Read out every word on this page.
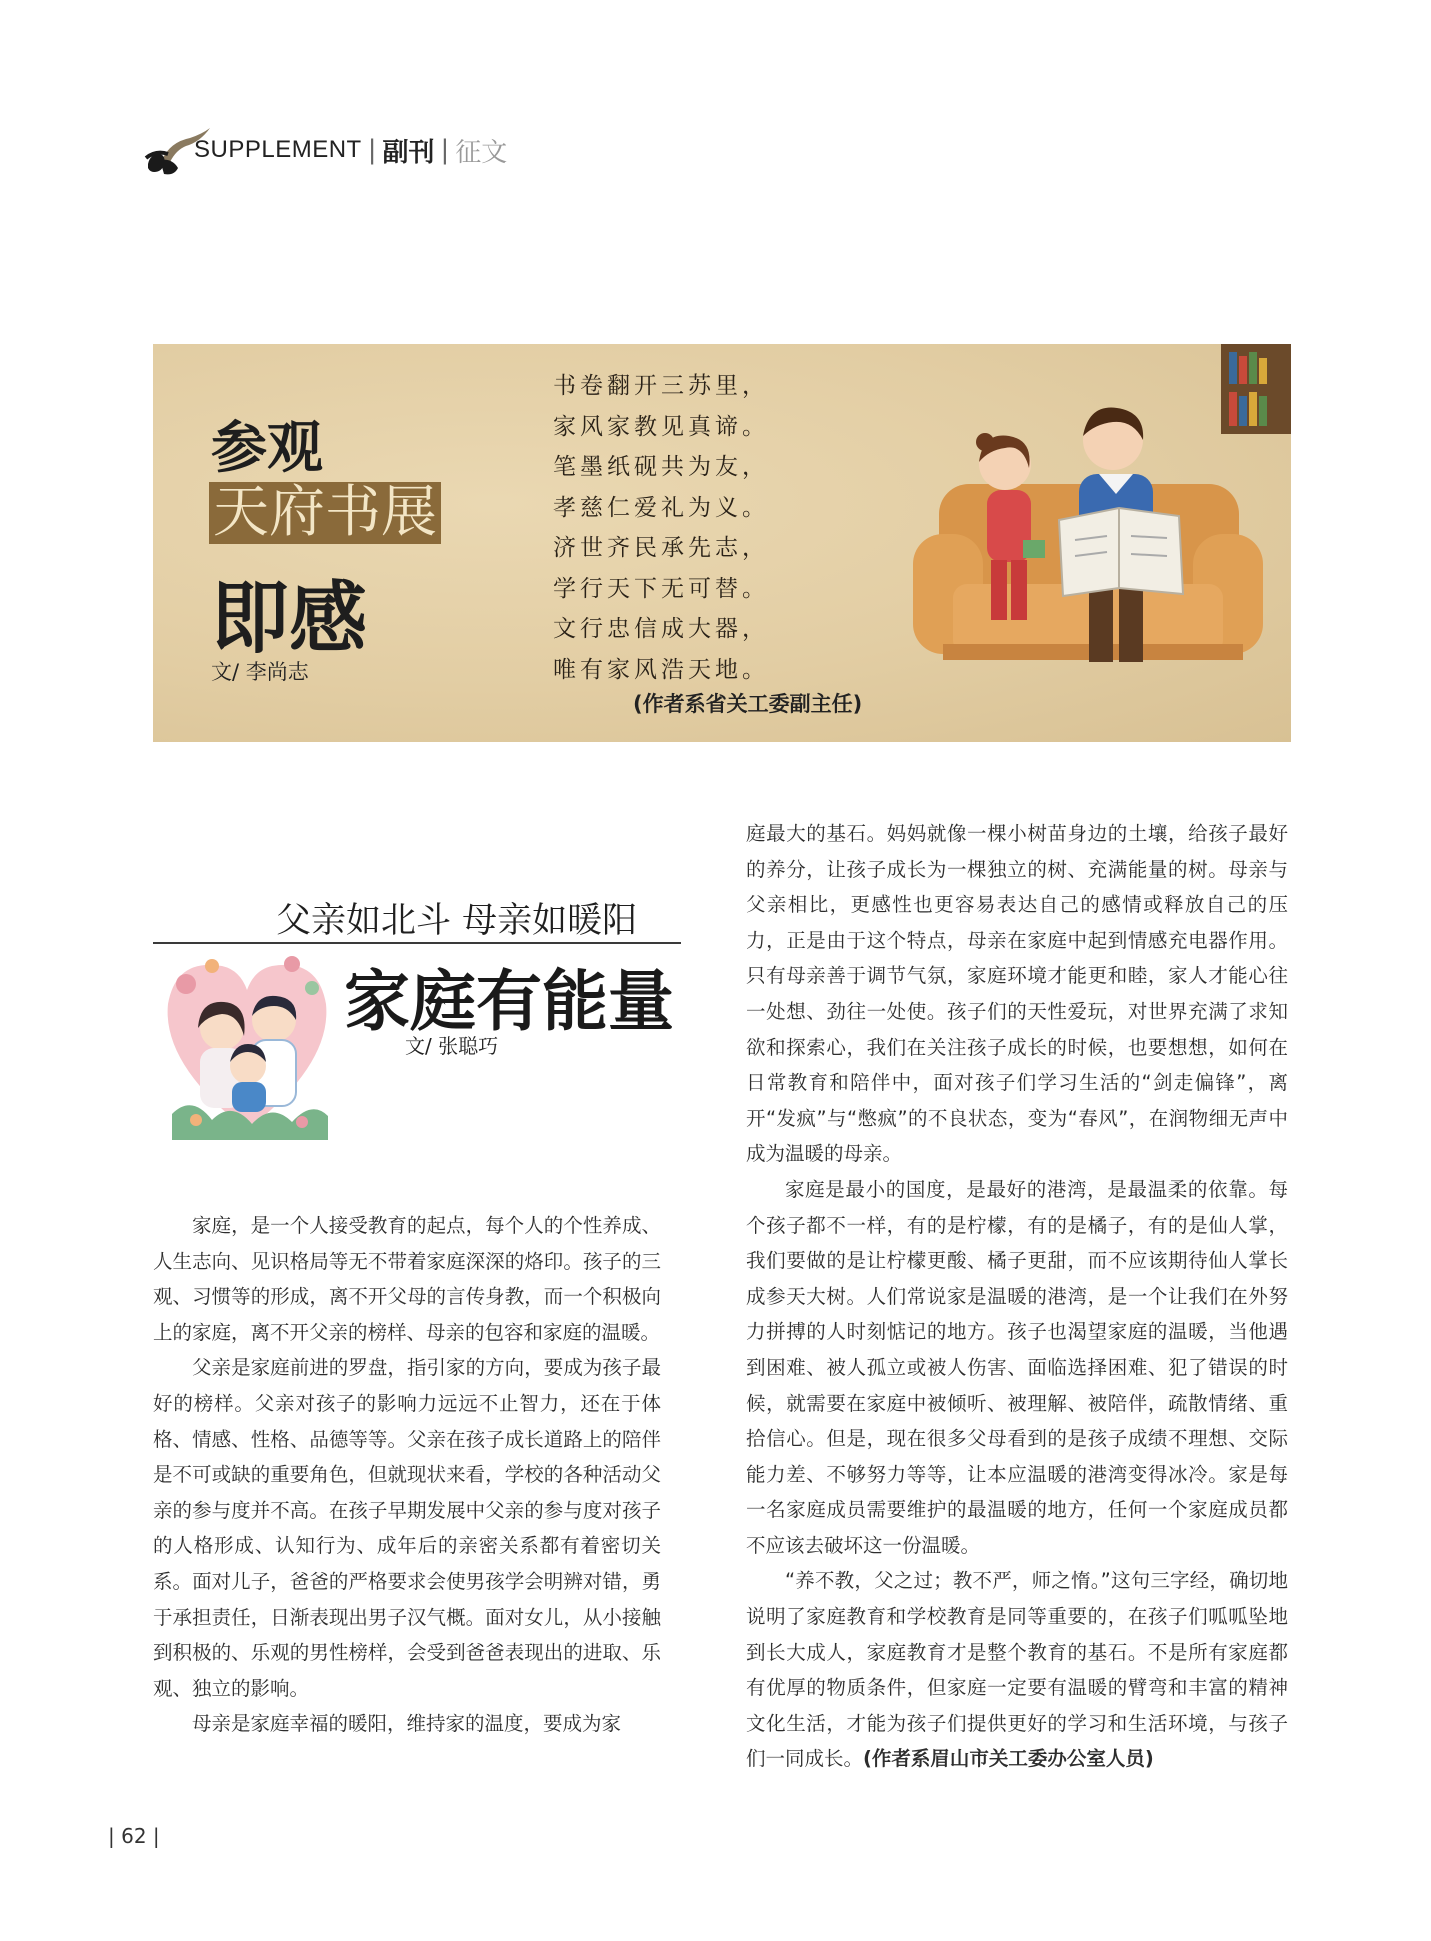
SUPPLEMENT | 副刊 | 征文
参观
天府书展
即感
文/ 李尚志
书卷翻开三苏里，
家风家教见真谛。
笔墨纸砚共为友，
孝慈仁爱礼为义。
济世齐民承先志，
学行天下无可替。
文行忠信成大器，
唯有家风浩天地。
(作者系省关工委副主任)
父亲如北斗 母亲如暖阳
家庭有能量
文/ 张聪巧

家庭，是一个人接受教育的起点，每个人的个性养成、人生志向、见识格局等无不带着家庭深深的烙印。孩子的三观、习惯等的形成，离不开父母的言传身教，而一个积极向上的家庭，离不开父亲的榜样、母亲的包容和家庭的温暖。

父亲是家庭前进的罗盘，指引家的方向，要成为孩子最好的榜样。父亲对孩子的影响力远远不止智力，还在于体格、情感、性格、品德等等。父亲在孩子成长道路上的陪伴是不可或缺的重要角色，但就现状来看，学校的各种活动父亲的参与度并不高。在孩子早期发展中父亲的参与度对孩子的人格形成、认知行为、成年后的亲密关系都有着密切关系。面对儿子，爸爸的严格要求会使男孩学会明辨对错，勇于承担责任，日渐表现出男子汉气概。面对女儿，从小接触到积极的、乐观的男性榜样，会受到爸爸表现出的进取、乐观、独立的影响。

母亲是家庭幸福的暖阳，维持家的温度，要成为家

庭最大的基石。妈妈就像一棵小树苗身边的土壤，给孩子最好的养分，让孩子成长为一棵独立的树、充满能量的树。母亲与父亲相比，更感性也更容易表达自己的感情或释放自己的压力，正是由于这个特点，母亲在家庭中起到情感充电器作用。只有母亲善于调节气氛，家庭环境才能更和睦，家人才能心往一处想、劲往一处使。孩子们的天性爱玩，对世界充满了求知欲和探索心，我们在关注孩子成长的时候，也要想想，如何在日常教育和陪伴中，面对孩子们学习生活的“剑走偏锋”，离开“发疯”与“憋疯”的不良状态，变为“春风”，在润物细无声中成为温暖的母亲。

家庭是最小的国度，是最好的港湾，是最温柔的依靠。每个孩子都不一样，有的是柠檬，有的是橘子，有的是仙人掌，我们要做的是让柠檬更酸、橘子更甜，而不应该期待仙人掌长成参天大树。人们常说家是温暖的港湾，是一个让我们在外努力拼搏的人时刻惦记的地方。孩子也渴望家庭的温暖，当他遇到困难、被人孤立或被人伤害、面临选择困难、犯了错误的时候，就需要在家庭中被倾听、被理解、被陪伴，疏散情绪、重拾信心。但是，现在很多父母看到的是孩子成绩不理想、交际能力差、不够努力等等，让本应温暖的港湾变得冰冷。家是每一名家庭成员需要维护的最温暖的地方，任何一个家庭成员都不应该去破坏这一份温暖。

“养不教，父之过；教不严，师之惰。”这句三字经，确切地说明了家庭教育和学校教育是同等重要的，在孩子们呱呱坠地到长大成人，家庭教育才是整个教育的基石。不是所有家庭都有优厚的物质条件，但家庭一定要有温暖的臂弯和丰富的精神文化生活，才能为孩子们提供更好的学习和生活环境，与孩子们一同成长。(作者系眉山市关工委办公室人员)

| 62 |
